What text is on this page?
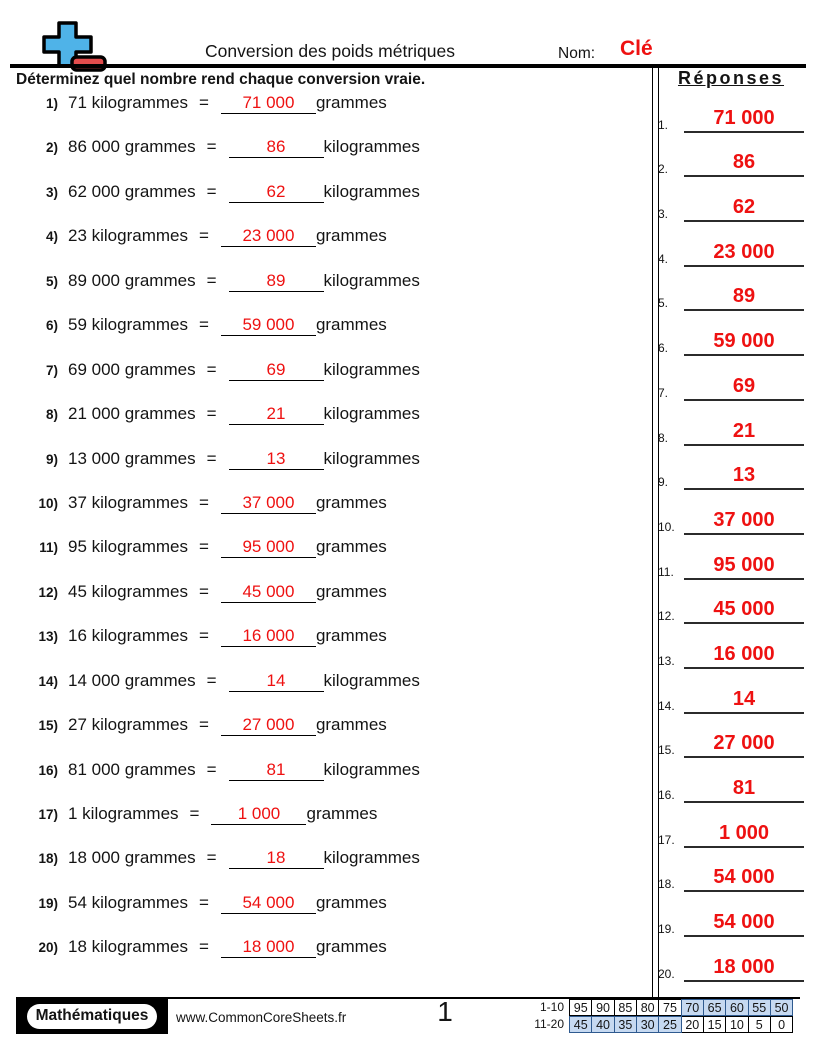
Conversion des poids métriques	Nom: Clé
Déterminez quel nombre rend chaque conversion vraie.
1) 71 kilogrammes =	71 000	grammes
2) 86 000 grammes =	86	kilogrammes
3) 62 000 grammes =	62	kilogrammes
4) 23 kilogrammes =	23 000	grammes
5) 89 000 grammes =	89	kilogrammes
6) 59 kilogrammes =	59 000	grammes
7) 69 000 grammes =	69	kilogrammes
8) 21 000 grammes =	21	kilogrammes
9) 13 000 grammes =	13	kilogrammes
10) 37 kilogrammes =	37 000	grammes
11) 95 kilogrammes =	95 000	grammes
12) 45 kilogrammes =	45 000	grammes
13) 16 kilogrammes =	16 000	grammes
14) 14 000 grammes =	14	kilogrammes
15) 27 kilogrammes =	27 000	grammes
16) 81 000 grammes =	81	kilogrammes
17) 1 kilogrammes =	1 000	grammes
18) 18 000 grammes =	18	kilogrammes
19) 54 kilogrammes =	54 000	grammes
20) 18 kilogrammes =	18 000	grammes
Réponses
1.	71 000
2.	86
3.	62
4.	23 000
5.	89
6.	59 000
7.	69
8.	21
9.	13
10.	37 000
11.	95 000
12.	45 000
13.	16 000
14.	14
15.	27 000
16.	81
17.	1 000
18.	54 000
19.	54 000
20.	18 000
Mathématiques	www.CommonCoreSheets.fr	1	1-10 95 90 85 80 75 70 65 60 55 50
11-20 45 40 35 30 25 20 15 10 5	0
